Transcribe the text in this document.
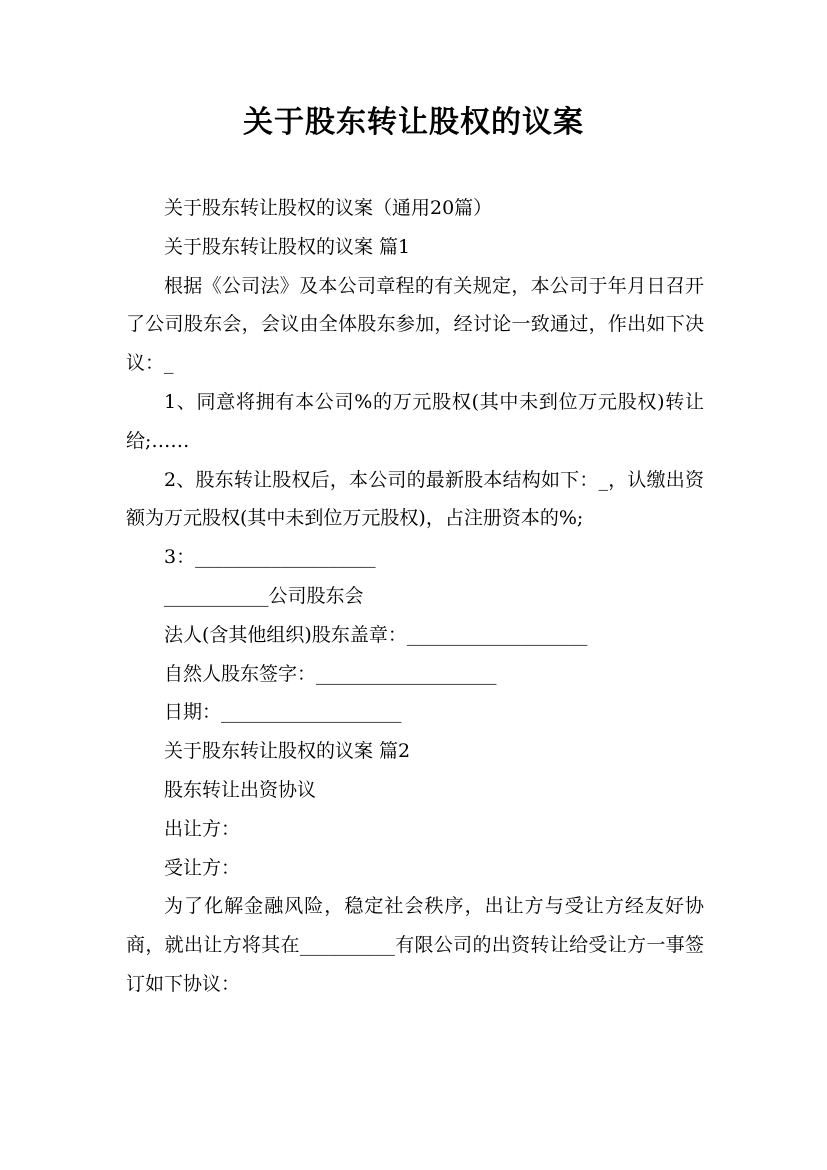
关于股东转让股权的议案

关于股东转让股权的议案（通用20篇）

关于股东转让股权的议案 篇1

根据《公司法》及本公司章程的有关规定，本公司于年月日召开了公司股东会，会议由全体股东参加，经讨论一致通过，作出如下决议：_

1、同意将拥有本公司%的万元股权(其中未到位万元股权)转让给;……

2、股东转让股权后，本公司的最新股本结构如下：_，认缴出资额为万元股权(其中未到位万元股权)，占注册资本的%;

3：___________________

___________公司股东会

法人(含其他组织)股东盖章：___________________

自然人股东签字：___________________

日期：___________________

关于股东转让股权的议案 篇2

股东转让出资协议

出让方：

受让方：

为了化解金融风险，稳定社会秩序，出让方与受让方经友好协商，就出让方将其在__________有限公司的出资转让给受让方一事签订如下协议：
